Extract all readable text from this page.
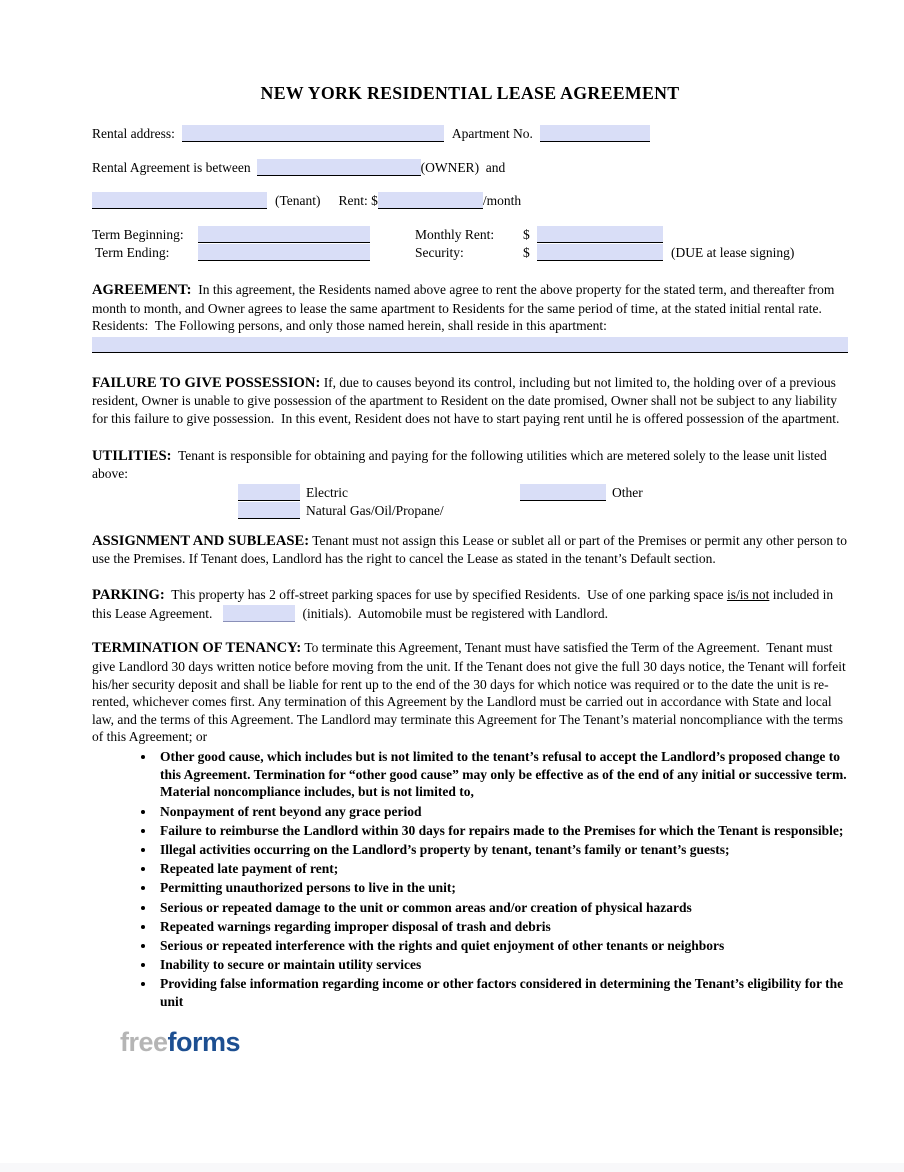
NEW YORK RESIDENTIAL LEASE AGREEMENT
Rental address:	Apartment No.
Rental Agreement is between	(OWNER)  and
(Tenant) Rent: $	/month
Term Beginning:	Monthly Rent:	$
Term Ending:	Security:	$	(DUE at lease signing)
AGREEMENT:  In this agreement, the Residents named above agree to rent the above property for the stated term, and thereafter from month to month, and Owner agrees to lease the same apartment to Residents for the same period of time, at the stated initial rental rate.  Residents:  The Following persons, and only those named herein, shall reside in this apartment:
FAILURE TO GIVE POSSESSION: If, due to causes beyond its control, including but not limited to, the holding over of a previous resident, Owner is unable to give possession of the apartment to Resident on the date promised, Owner shall not be subject to any liability for this failure to give possession.  In this event, Resident does not have to start paying rent until he is offered possession of the apartment.
UTILITIES:  Tenant is responsible for obtaining and paying for the following utilities which are metered solely to the lease unit listed above:
Electric	Other
Natural Gas/Oil/Propane/
ASSIGNMENT AND SUBLEASE: Tenant must not assign this Lease or sublet all or part of the Premises or permit any other person to use the Premises. If Tenant does, Landlord has the right to cancel the Lease as stated in the tenant’s Default section.
PARKING:  This property has 2 off-street parking spaces for use by specified Residents.  Use of one parking space is/is not included in this Lease Agreement.	(initials).  Automobile must be registered with Landlord.
TERMINATION OF TENANCY: To terminate this Agreement, Tenant must have satisfied the Term of the Agreement.  Tenant must give Landlord 30 days written notice before moving from the unit. If the Tenant does not give the full 30 days notice, the Tenant will forfeit his/her security deposit and shall be liable for rent up to the end of the 30 days for which notice was required or to the date the unit is re-rented, whichever comes first. Any termination of this Agreement by the Landlord must be carried out in accordance with State and local law, and the terms of this Agreement. The Landlord may terminate this Agreement for The Tenant’s material noncompliance with the terms of this Agreement; or
• Other good cause, which includes but is not limited to the tenant’s refusal to accept the Landlord’s proposed change to this Agreement. Termination for “other good cause” may only be effective as of the end of any initial or successive term.
Material noncompliance includes, but is not limited to,
• Nonpayment of rent beyond any grace period
• Failure to reimburse the Landlord within 30 days for repairs made to the Premises for which the Tenant is responsible;
• Illegal activities occurring on the Landlord’s property by tenant, tenant’s family or tenant’s guests;
• Repeated late payment of rent;
• Permitting unauthorized persons to live in the unit;
• Serious or repeated damage to the unit or common areas and/or creation of physical hazards
• Repeated warnings regarding improper disposal of trash and debris
• Serious or repeated interference with the rights and quiet enjoyment of other tenants or neighbors
• Inability to secure or maintain utility services
• Providing false information regarding income or other factors considered in determining the Tenant’s eligibility for the unit
freeforms
